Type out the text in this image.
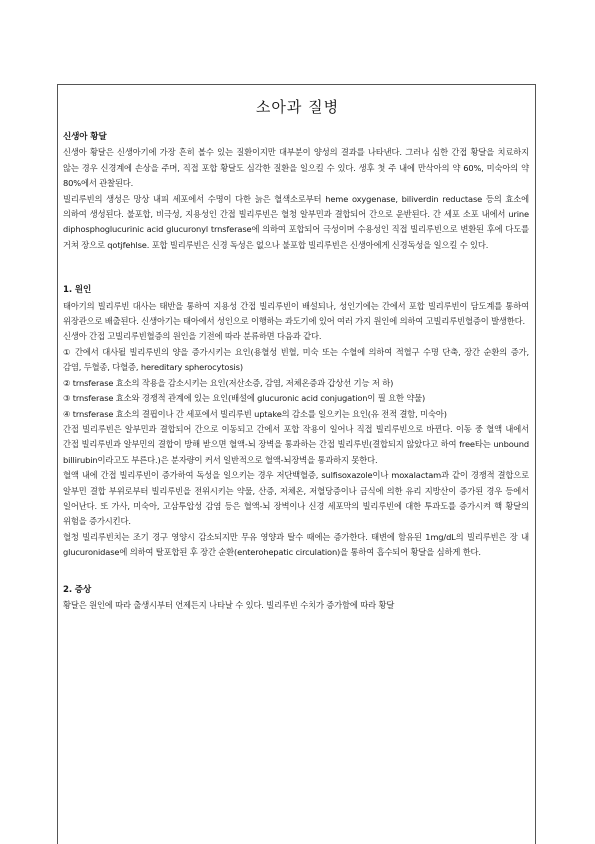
소아과 질병

신생아 황달

신생아 황달은 신생아기에 가장 흔히 볼수 있는 질환이지만 대부분이 양성의 결과를 나타낸다. 그러나 심한 간접 황달을 치료하지 않는 경우 신경계에 손상을 주며, 직접 포합 황달도 심각한 질환을 일으킬 수 있다. 생후 첫 주 내에 만삭아의 약 60%, 미숙아의 약 80%에서 관찰된다.

빌리루빈의 생성은 망상 내피 세포에서 수명이 다한 늙은 혈색소로부터 heme oxygenase, biliverdin reductase 등의 효소에 의하여 생성된다. 불포합, 비극성, 지용성인 간접 빌리루빈은 혈청 알부민과 결합되어 간으로 운반된다. 간 세포 소포 내에서 urine diphosphoglucurinic acid glucuronyl trnsferase에 의하여 포합되어 극성이며 수용성인 직접 빌리루빈으로 변환된 후에 다도를 거쳐 장으로 qotjfehlse. 포합 빌리루빈은 신경 독성은 없으나 불포합 빌리루빈은 신생아에게 신경독성을 일으킬 수 있다.

1. 원인

태아기의 빌리루빈 대사는 태반을 통하여 지용성 간접 빌리루빈이 배설되나, 성인기에는 간에서 포합 빌리루빈이 담도계를 통하여 위장관으로 배출된다. 신생아기는 태아에서 성인으로 이행하는 과도기에 있어 여러 가지 원인에 의하여 고빌리루빈혈증이 발생한다.

신생아 간접 고빌리루빈혈증의 원인을 기전에 따라 분류하면 다음과 같다.

① 간에서 대사될 빌리루빈의 양을 증가시키는 요인(용혈성 빈혈, 미숙 또는 수혈에 의하여 적혈구 수명 단축, 장간 순환의 증가, 감염, 두혈종, 다혈증, hereditary spherocytosis)

② trnsferase 효소의 작용을 감소시키는 요인(저산소증, 감염, 저체온증과 갑상선 기능 저 하)

③ trnsferase 효소와 경쟁적 관계에 있는 요인(배설에 glucuronic acid conjugation이 필 요한 약물)

④ trnsferase 효소의 결핍이나 간 세포에서 빌리루빈 uptake의 감소를 일으키는 요인(유 전적 결함, 미숙아)

간접 빌리루빈은 알부민과 결합되어 간으로 이동되고 간에서 포합 작용이 일어나 직접 빌리루빈으로 바뀐다. 이동 중 혈액 내에서 간접 빌리루빈과 알부민의 결합이 방해 받으면 혈액-뇌 장벽을 통과하는 간접 빌리루빈(결합되지 않았다고 하여 free타는 unbound billirubin이라고도 부른다.)은 분자량이 커서 일반적으로 혈액-뇌장벽을 통과하지 못한다.

혈액 내에 간접 빌리루빈이 증가하여 독성을 일으키는 경우 저단백혈증, sulfisoxazole이나 moxalactam과 같이 경쟁적 결합으로 알부민 결합 부위로부터 빌리루빈을 전위시키는 약물, 산증, 저체온, 저혈당증이나 금식에 의한 유리 지방산이 증가된 경우 등에서 일어난다. 또 가사, 미숙아, 고삼투압성 감염 등은 혈액-뇌 장벽이나 신경 세포막의 빌리루빈에 대한 투과도를 증가시켜 핵 황달의 위험을 증가시킨다.

혈청 빌리루빈치는 조기 경구 영양시 감소되지만 무유 영양과 탈수 때에는 증가한다. 태변에 함유된 1mg/dL의 빌리루빈은 장 내 glucuronidase에 의하여 탈포합된 후 장간 순환(enterohepatic circulation)을 통하여 흡수되어 황달을 심하게 한다.

2. 증상

황달은 원인에 따라 출생시부터 언제든지 나타날 수 있다. 빌리루빈 수치가 증가함에 따라 황달
